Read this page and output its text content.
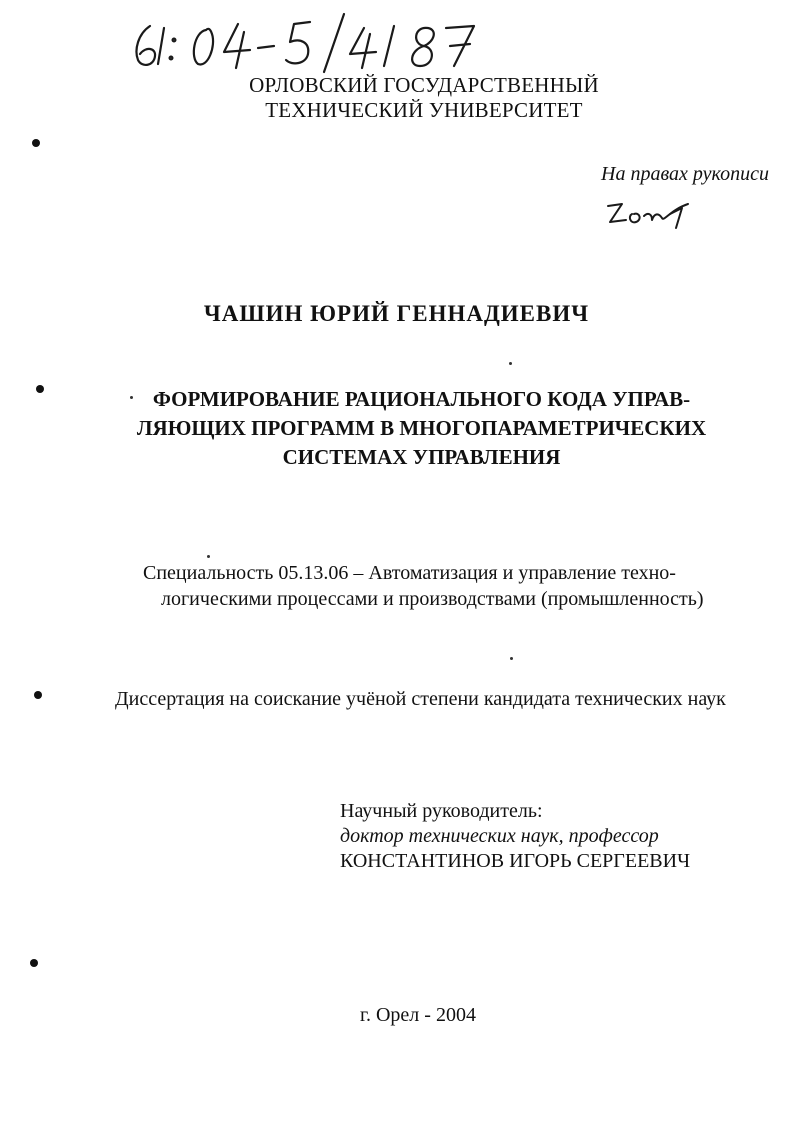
ОРЛОВСКИЙ ГОСУДАРСТВЕННЫЙ
ТЕХНИЧЕСКИЙ УНИВЕРСИТЕТ
На правах рукописи
ЧАШИН ЮРИЙ ГЕННАДИЕВИЧ
ФОРМИРОВАНИЕ РАЦИОНАЛЬНОГО КОДА УПРАВ-
ЛЯЮЩИХ ПРОГРАММ В МНОГОПАРАМЕТРИЧЕСКИХ
СИСТЕМАХ УПРАВЛЕНИЯ
Специальность 05.13.06 – Автоматизация и управление техно-
логическими процессами и производствами (промышленность)
Диссертация на соискание учёной степени кандидата технических наук
Научный руководитель:
доктор технических наук, профессор
КОНСТАНТИНОВ ИГОРЬ СЕРГЕЕВИЧ
г. Орел - 2004
